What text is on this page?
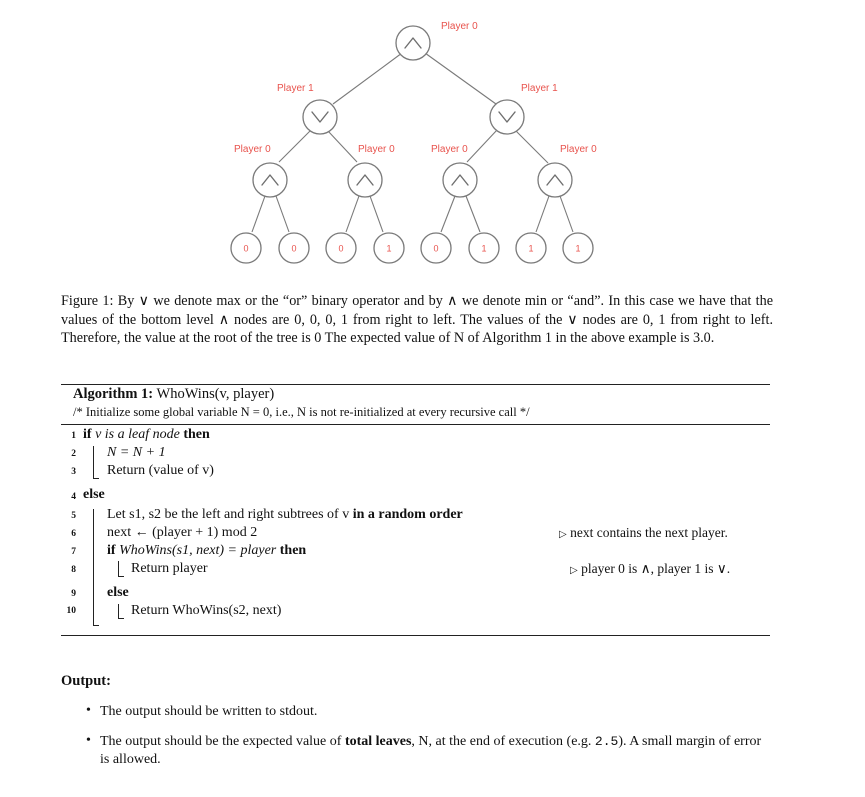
Player 0
Player 1	Player 1
Player 0	Player 0	Player 0	Player 0
0	0	0	1	0	1	1	1

Figure 1: By ∨ we denote max or the “or” binary operator and by ∧ we denote min or “and”. In this case we have that the values of the bottom level ∧ nodes are 0, 0, 0, 1 from right to left. The values of the ∨ nodes are 0, 1 from right to left. Therefore, the value at the root of the tree is 0 The expected value of N of Algorithm 1 in the above example is 3.0.

Algorithm 1: WhoWins(v, player)
/* Initialize some global variable N = 0, i.e., N is not re-initialized at every recursive call */
1
2
3
4
5
6
7
8
9
10
if v is a leaf node then
N = N + 1
Return (value of v)
else
Let s1, s2 be the left and right subtrees of v in a random order
next ← (player + 1) mod 2
if WhoWins(s1, next) = player then
Return player
else
Return WhoWins(s2, next)
▷ next contains the next player.
▷ player 0 is ∧, player 1 is ∨.
Output:
• The output should be written to stdout.
• The output should be the expected value of total leaves, N, at the end of execution (e.g. 2.5). A small margin of error is allowed.
